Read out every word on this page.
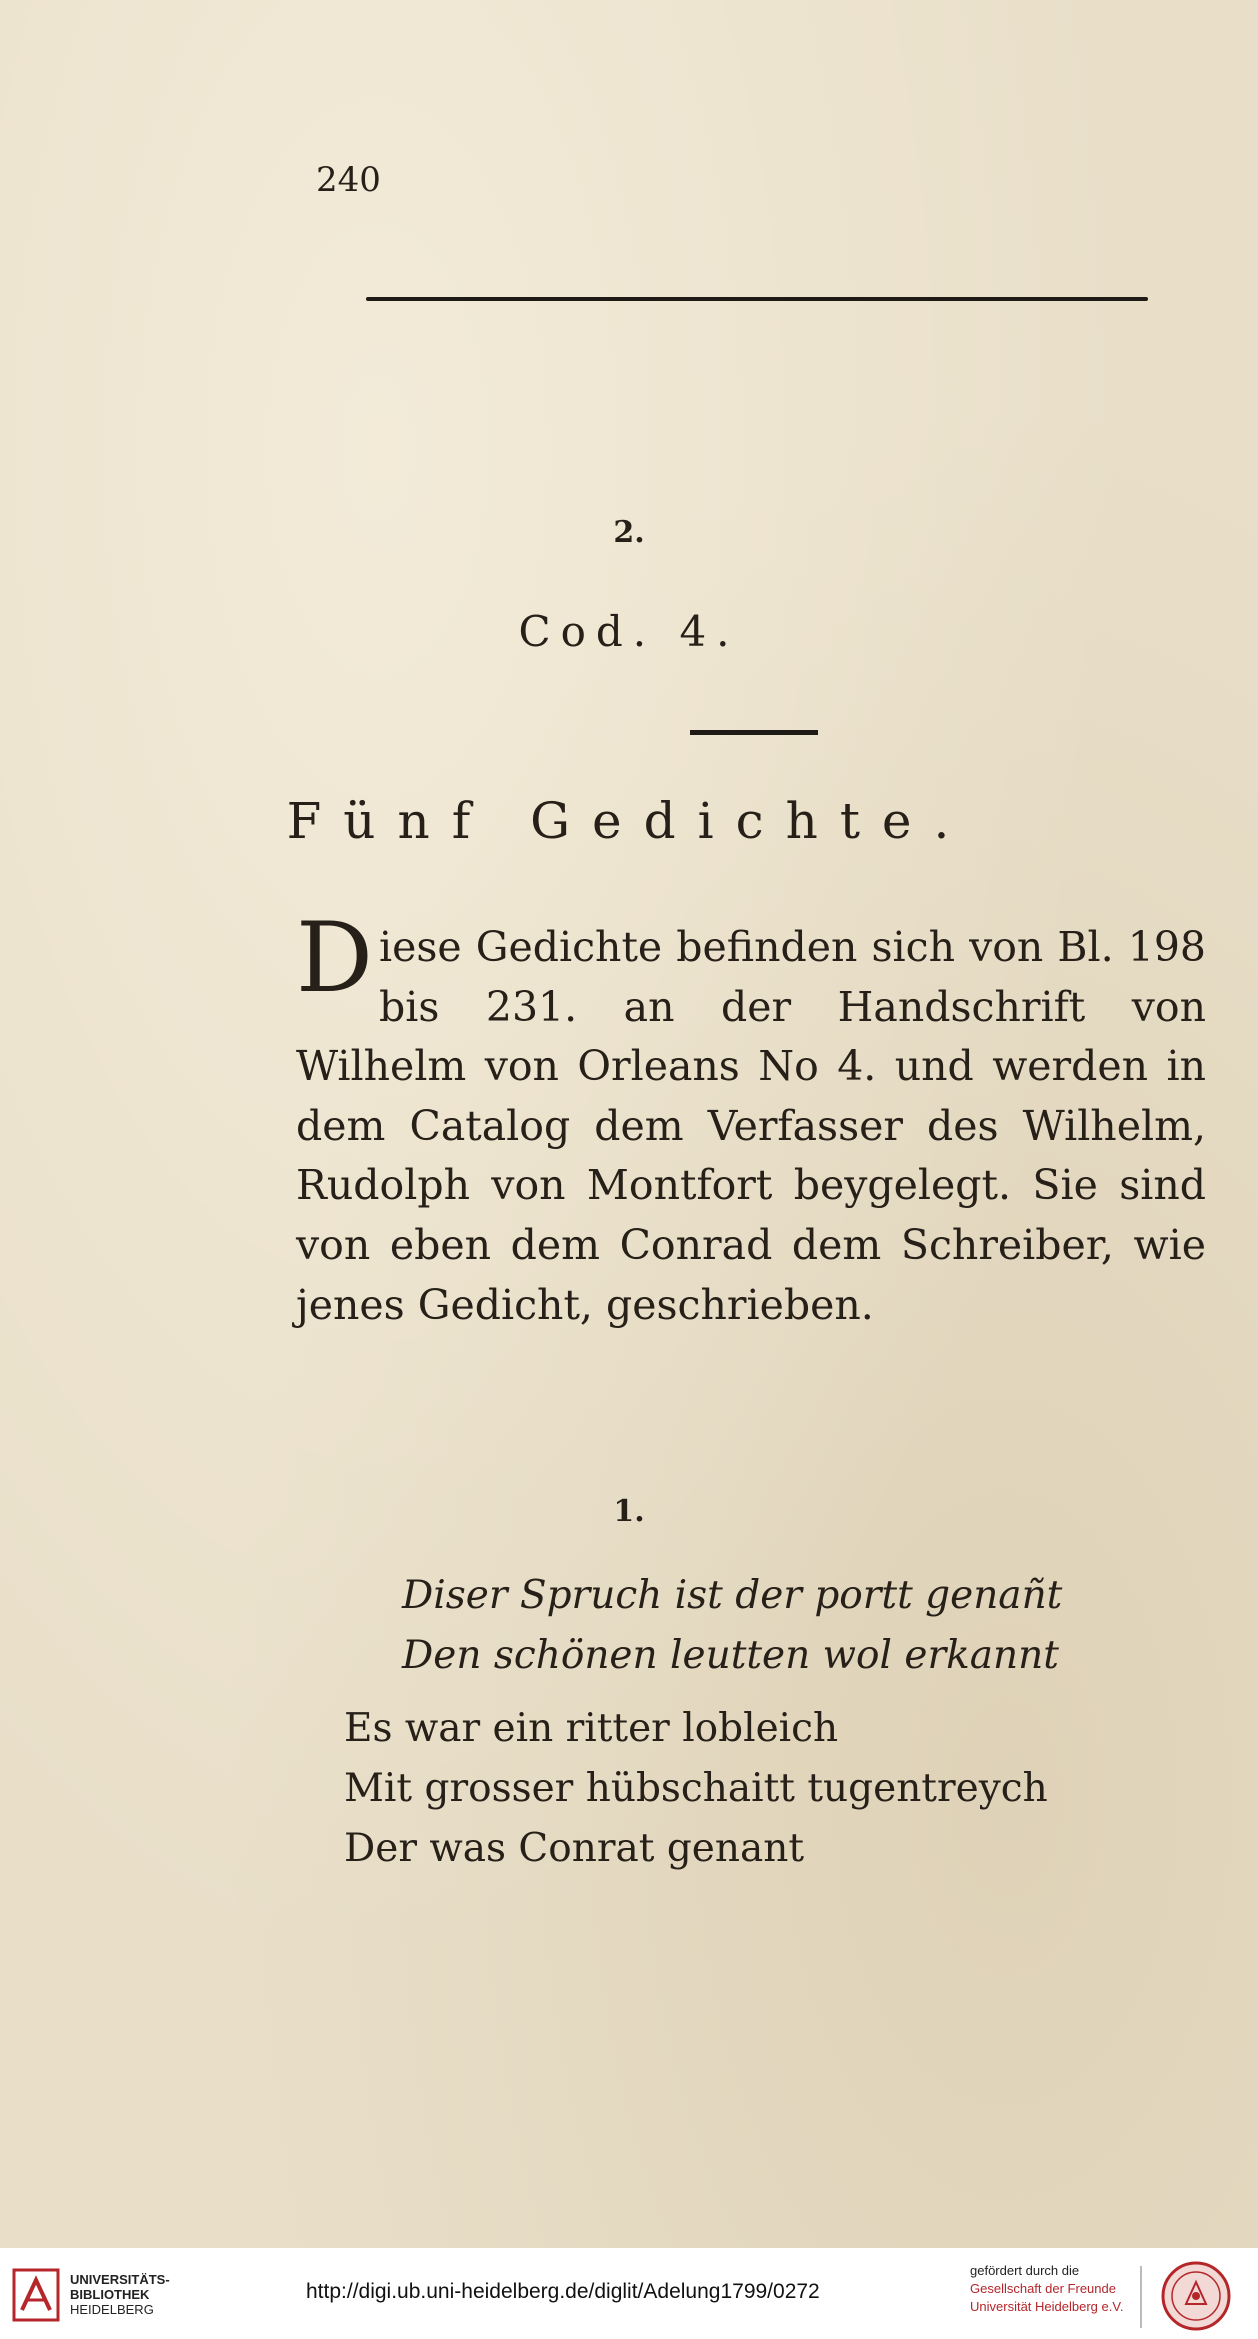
240
2.
Cod. 4.
Fünf Gedichte.
Diese Gedichte befinden sich von Bl. 198 bis 231. an der Handschrift von Wilhelm von Orleans No 4. und werden in dem Catalog dem Verfasser des Wilhelm, Rudolph von Montfort beygelegt. Sie sind von eben dem Conrad dem Schreiber, wie jenes Gedicht, geschrieben.
1.
Diser Spruch ist der portt genañt
Den schönen leutten wol erkannt
Es war ein ritter lobleich
Mit grosser hübschaitt tugentreych
Der was Conrat genant
UNIVERSITÄTS-
BIBLIOTHEK
HEIDELBERG
http://digi.ub.uni-heidelberg.de/diglit/Adelung1799/0272
gefördert durch die
Gesellschaft der Freunde
Universität Heidelberg e.V.
